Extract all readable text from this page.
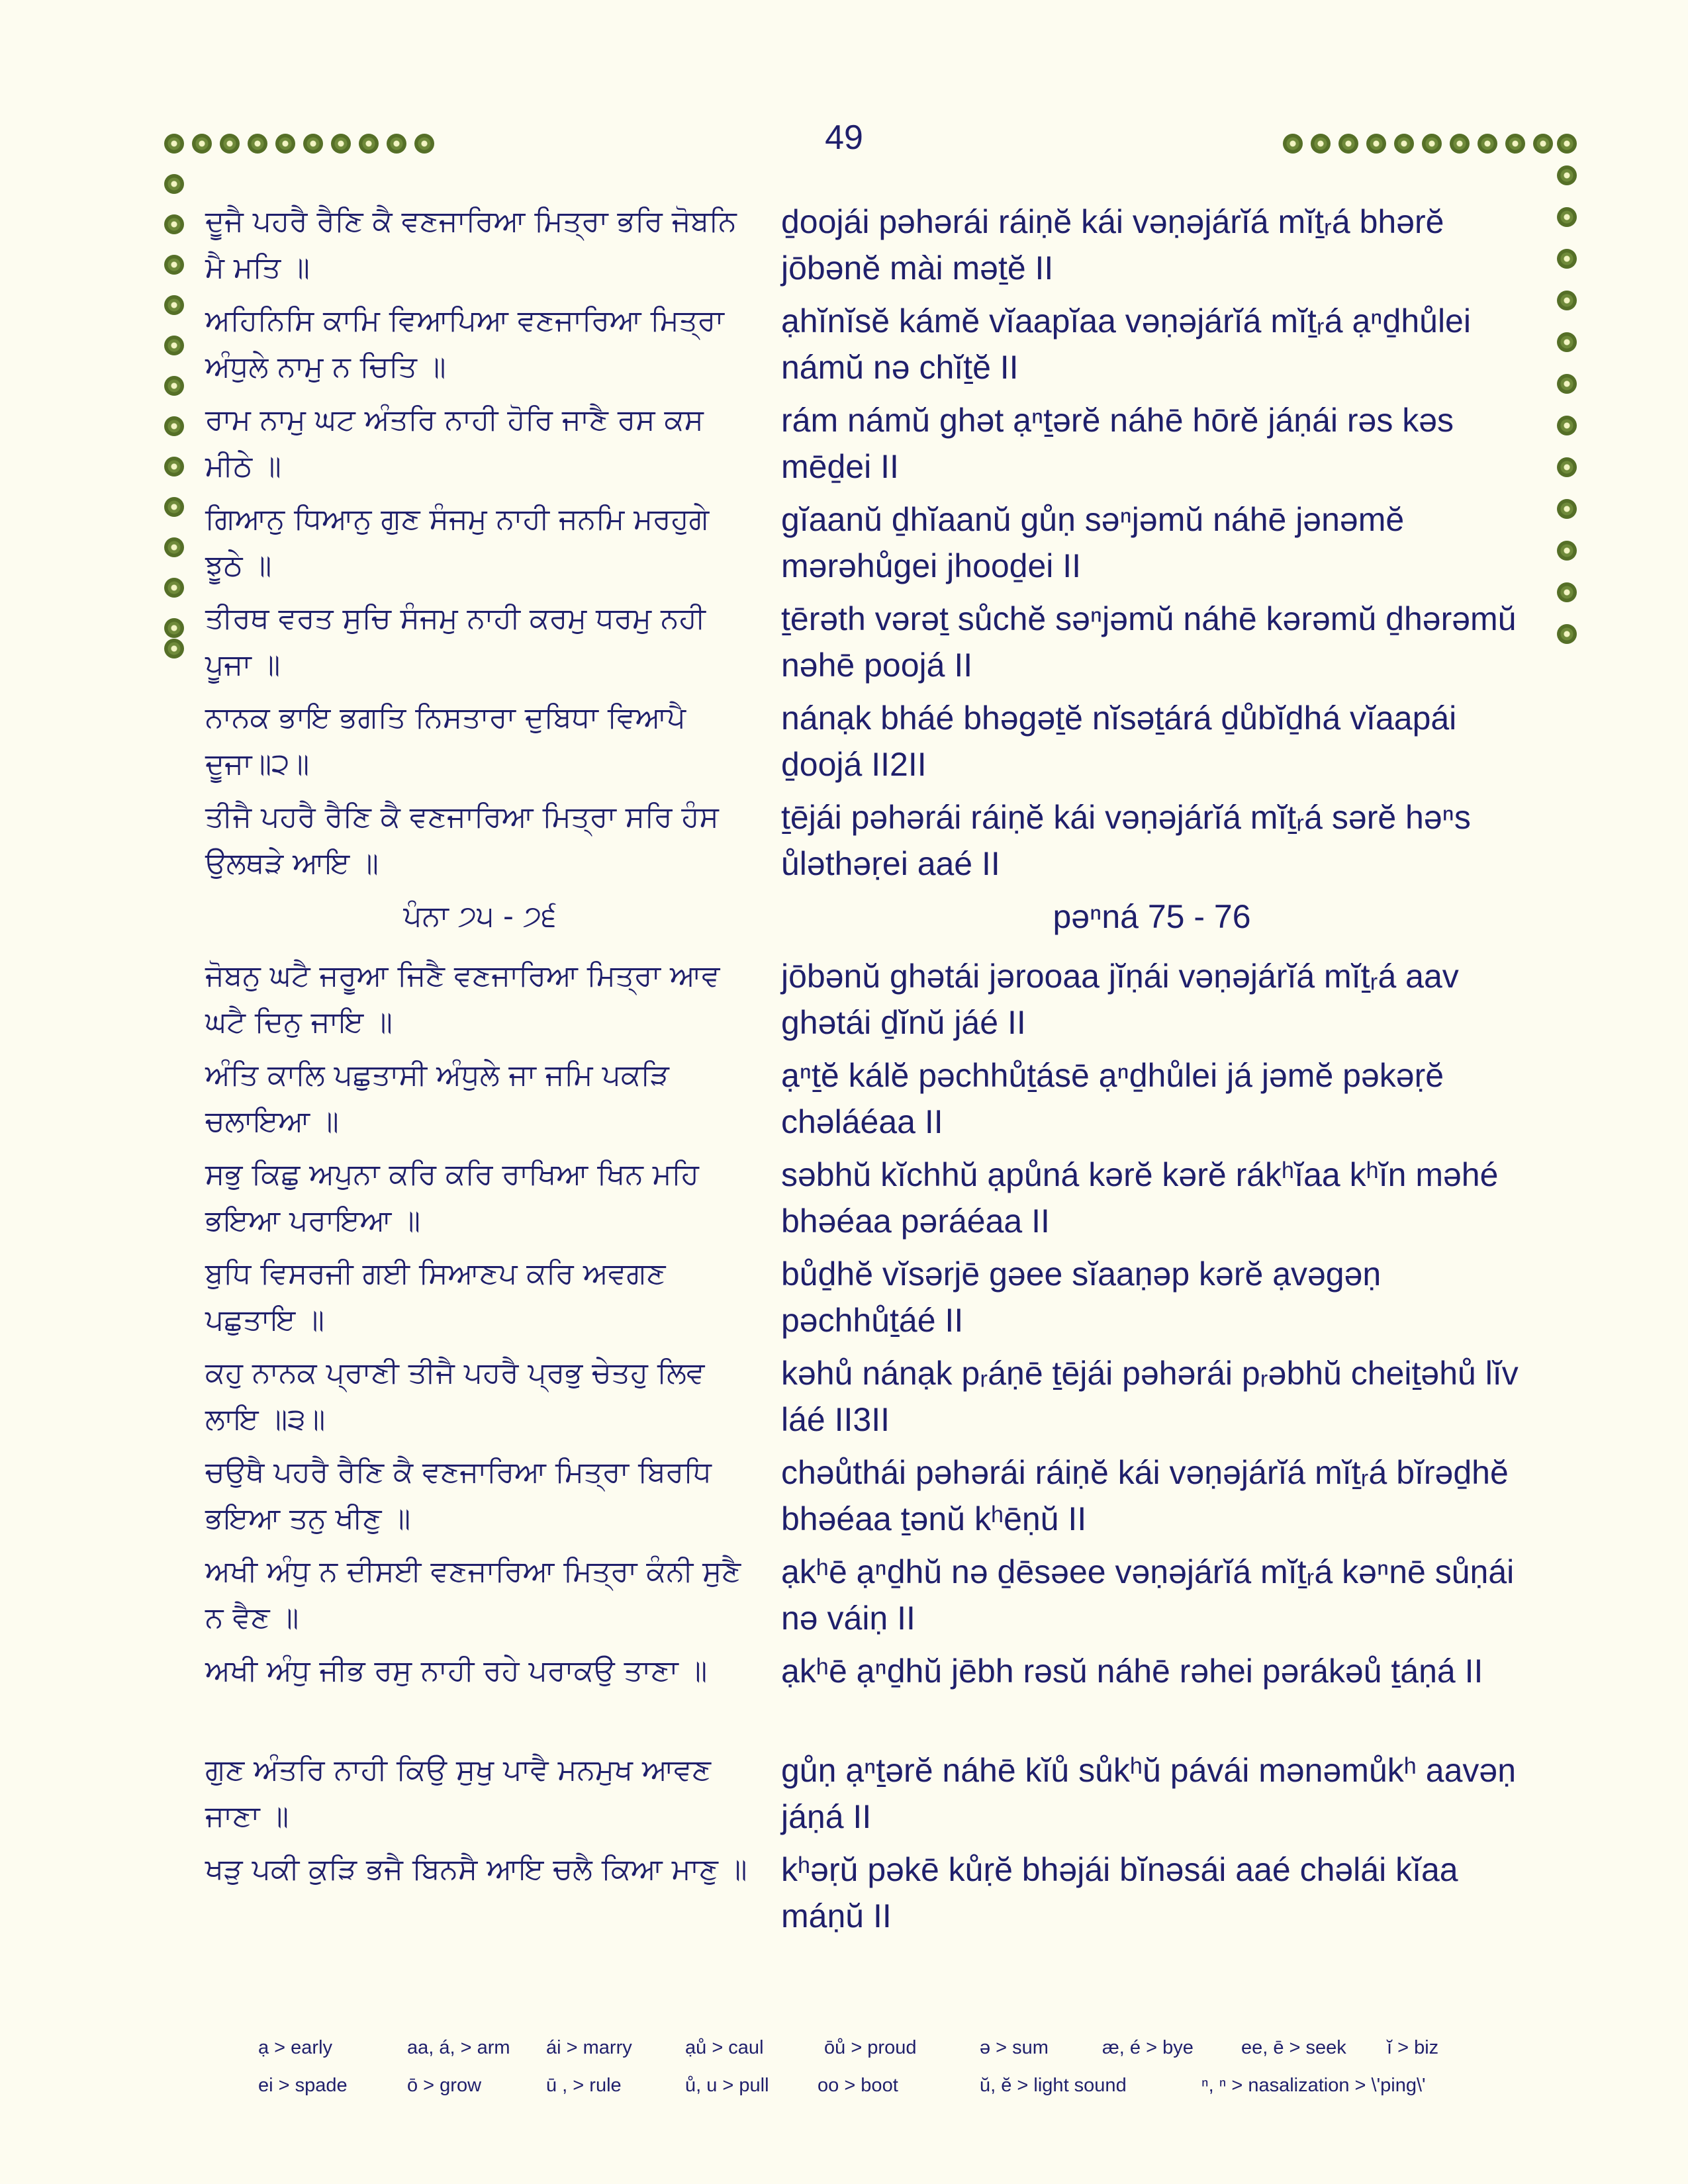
49
ਦੂਜੈ ਪਹਰੈ ਰੈਣਿ ਕੈ ਵਣਜਾਰਿਆ ਮਿਤ੍ਰਾ ਭਰਿ ਜੋਬਨਿ ਮੈ ਮਤਿ ॥
ḏoojái pəhərái ráiṇĕ kái vəṇəjárĭá mĭṯᵣá bhərĕ jōbənĕ mài məṯĕ II
ਅਹਿਨਿਸਿ ਕਾਮਿ ਵਿਆਪਿਆ ਵਣਜਾਰਿਆ ਮਿਤ੍ਰਾ ਅੰਧੁਲੇ ਨਾਮੁ ਨ ਚਿਤਿ ॥
ạhĭnĭsĕ kámĕ vĭaapĭaa vəṇəjárĭá mĭṯᵣá ạⁿḏhůlei námŭ nə chĭṯĕ II
ਰਾਮ ਨਾਮੁ ਘਟ ਅੰਤਰਿ ਨਾਹੀ ਹੋਰਿ ਜਾਣੈ ਰਸ ਕਸ ਮੀਠੇ ॥
rám námŭ ghət ạⁿṯərĕ náhē hōrĕ jáṇái rəs kəs mēḏei II
ਗਿਆਨੁ ਧਿਆਨੁ ਗੁਣ ਸੰਜਮੁ ਨਾਹੀ ਜਨਮਿ ਮਰਹੁਗੇ ਝੂਠੇ ॥
gĭaanŭ ḏhĭaanŭ gůṇ səⁿjəmŭ náhē jənəmĕ mərəhůgei jhooḏei II
ਤੀਰਥ ਵਰਤ ਸੁਚਿ ਸੰਜਮੁ ਨਾਹੀ ਕਰਮੁ ਧਰਮੁ ਨਹੀ ਪੂਜਾ ॥
ṯērəth vərəṯ sůchĕ səⁿjəmŭ náhē kərəmŭ ḏhərəmŭ nəhē poojá II
ਨਾਨਕ ਭਾਇ ਭਗਤਿ ਨਿਸਤਾਰਾ ਦੁਬਿਧਾ ਵਿਆਪੈ ਦੂਜਾ॥੨॥
nánạk bháé bhəgəṯĕ nĭsəṯárá ḏůbĭḏhá vĭaapái ḏoojá II2II
ਤੀਜੈ ਪਹਰੈ ਰੈਣਿ ਕੈ ਵਣਜਾਰਿਆ ਮਿਤ੍ਰਾ ਸਰਿ ਹੰਸ ਉਲਥੜੇ ਆਇ ॥
ṯējái pəhərái ráiṇĕ kái vəṇəjárĭá mĭṯᵣá sərĕ həⁿs ůləthəṛei aaé II
ਪੰਨਾ ੭੫ - ੭੬	pəⁿná 75 - 76
ਜੋਬਨੁ ਘਟੈ ਜਰੂਆ ਜਿਣੈ ਵਣਜਾਰਿਆ ਮਿਤ੍ਰਾ ਆਵ ਘਟੈ ਦਿਨੁ ਜਾਇ ॥
jōbənŭ ghətái jərooaa jĭṇái vəṇəjárĭá mĭṯᵣá aav ghətái ḏĭnŭ jáé II
ਅੰਤਿ ਕਾਲਿ ਪਛੁਤਾਸੀ ਅੰਧੁਲੇ ਜਾ ਜਮਿ ਪਕੜਿ ਚਲਾਇਆ ॥
ạⁿṯĕ kálĕ pəchhůṯásē ạⁿḏhůlei já jəmĕ pəkəṛĕ chəláéaa II
ਸਭੁ ਕਿਛੁ ਅਪੁਨਾ ਕਰਿ ਕਰਿ ਰਾਖਿਆ ਖਿਨ ਮਹਿ ਭਇਆ ਪਰਾਇਆ ॥
səbhŭ kĭchhŭ ạpůná kərĕ kərĕ rákʰĭaa kʰĭn məhé bhəéaa pəráéaa II
ਬੁਧਿ ਵਿਸਰਜੀ ਗਈ ਸਿਆਣਪ ਕਰਿ ਅਵਗਣ ਪਛੁਤਾਇ ॥
bůḏhĕ vĭsərjē gəee sĭaaṇəp kərĕ ạvəgəṇ pəchhůṯáé II
ਕਹੁ ਨਾਨਕ ਪ੍ਰਾਣੀ ਤੀਜੈ ਪਹਰੈ ਪ੍ਰਭੁ ਚੇਤਹੁ ਲਿਵ ਲਾਇ ॥੩॥
kəhů nánạk pᵣáṇē ṯējái pəhərái pᵣəbhŭ cheiṯəhů lĭv láé II3II
ਚਉਥੈ ਪਹਰੈ ਰੈਣਿ ਕੈ ਵਣਜਾਰਿਆ ਮਿਤ੍ਰਾ ਬਿਰਧਿ ਭਇਆ ਤਨੁ ਖੀਣੁ ॥
chəůthái pəhərái ráiṇĕ kái vəṇəjárĭá mĭṯᵣá bĭrəḏhĕ bhəéaa ṯənŭ kʰēṇŭ II
ਅਖੀ ਅੰਧੁ ਨ ਦੀਸਈ ਵਣਜਾਰਿਆ ਮਿਤ੍ਰਾ ਕੰਨੀ ਸੁਣੈ ਨ ਵੈਣ ॥
ạkʰē ạⁿḏhŭ nə ḏēsəee vəṇəjárĭá mĭṯᵣá kəⁿnē sůṇái nə váiṇ II
ਅਖੀ ਅੰਧੁ ਜੀਭ ਰਸੁ ਨਾਹੀ ਰਹੇ ਪਰਾਕਉ ਤਾਣਾ ॥	ạkʰē ạⁿḏhŭ jēbh rəsŭ náhē rəhei pərákəů ṯáṇá II
ਗੁਣ ਅੰਤਰਿ ਨਾਹੀ ਕਿਉ ਸੁਖੁ ਪਾਵੈ ਮਨਮੁਖ ਆਵਣ ਜਾਣਾ ॥
gůṇ ạⁿṯərĕ náhē kĭů sůkʰŭ pávái mənəmůkʰ aavəṇ jáṇá II
ਖੜੁ ਪਕੀ ਕੁੜਿ ਭਜੈ ਬਿਨਸੈ ਆਇ ਚਲੈ ਕਿਆ ਮਾਣੁ ॥ kʰəṛŭ pəkē kůṛĕ bhəjái bĭnəsái aaé chəlái kĭaa máṇŭ II
ạ > early	aa, á, > arm ái > marry	ạů > caul	ōů > proud	ə > sum	æ, é > bye ee, ē > seek ĭ > biz
ei > spade	ō > grow	ū , > rule	ů, u > pull	oo > boot	ŭ, ĕ > light sound	ⁿ, ⁿ > nasalization > \'ping\'
